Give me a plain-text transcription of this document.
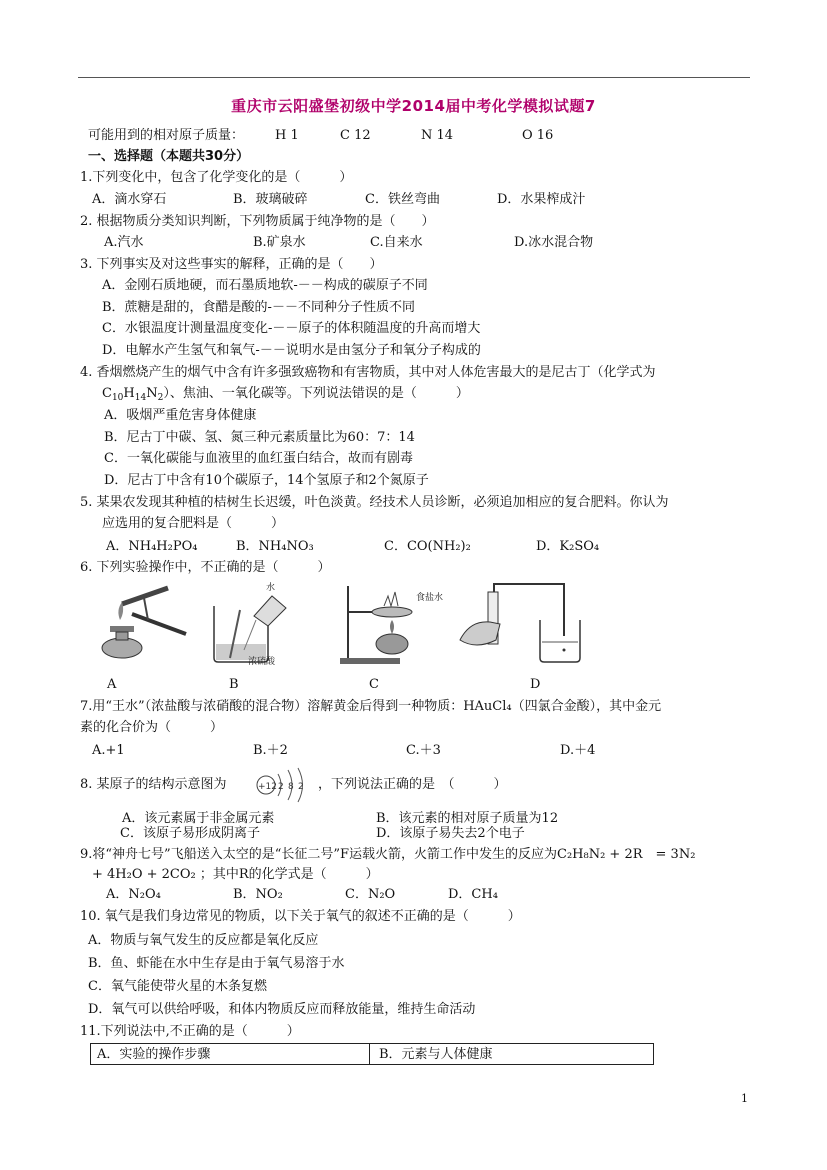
重庆市云阳盛堡初级中学2014届中考化学模拟试题7
可能用到的相对原子质量： H 1	C 12	N 14	O 16
一、选择题（本题共30分）
1.下列变化中，包含了化学变化的是（　　　）
A．滴水穿石	B．玻璃破碎	C．铁丝弯曲	D．水果榨成汁
2. 根据物质分类知识判断，下列物质属于纯净物的是（　　）
A.汽水	B.矿泉水	C.自来水	D.冰水混合物
3. 下列事实及对这些事实的解释，正确的是（　　）
A．金刚石质地硬，而石墨质地软-－－构成的碳原子不同
B．蔗糖是甜的，食醋是酸的-－－不同种分子性质不同
C．水银温度计测量温度变化-－－原子的体积随温度的升高而增大
D．电解水产生氢气和氧气-－－说明水是由氢分子和氧分子构成的
4. 香烟燃烧产生的烟气中含有许多强致癌物和有害物质，其中对人体危害最大的是尼古丁（化学式为
$C_{10}H_{14}N_2$）、焦油、一氧化碳等。下列说法错误的是（　　　）
A．吸烟严重危害身体健康
B．尼古丁中碳、氢、氮三种元素质量比为60：7：14
C．一氧化碳能与血液里的血红蛋白结合，故而有剧毒
D．尼古丁中含有10个碳原子，14个氢原子和2个氮原子
5. 某果农发现其种植的桔树生长迟缓，叶色淡黄。经技术人员诊断，必须追加相应的复合肥料。你认为
应选用的复合肥料是（　　　）
A．NH₄H₂PO₄	B．NH₄NO₃	C．CO(NH₂)₂	D．K₂SO₄
6. 下列实验操作中，不正确的是（　　　）
水
浓硫酸
食盐水
A	B	C	D
7.用“王水”（浓盐酸与浓硝酸的混合物）溶解黄金后得到一种物质：HAuCl₄（四氯合金酸），其中金元
素的化合价为（　　　）
A.+1	B.＋2	C.＋3	D.＋4
8. 某原子的结构示意图为	+12 2 8 2 ，下列说法正确的是　（　　　）
A．该元素属于非金属元素	B．该元素的相对原子质量为12
C．该原子易形成阴离子	D．该原子易失去2个电子
9.将“神舟七号”飞船送入太空的是“长征二号”F运载火箭，火箭工作中发生的反应为C₂H₈N₂ + 2R　= 3N₂
+ 4H₂O + 2CO₂ ；其中R的化学式是（　　　）
A．N₂O₄	B．NO₂	C．N₂O	D．CH₄
10. 氧气是我们身边常见的物质，以下关于氧气的叙述不正确的是（　　　）
A．物质与氧气发生的反应都是氧化反应
B．鱼、虾能在水中生存是由于氧气易溶于水
C．氧气能使带火星的木条复燃
D．氧气可以供给呼吸，和体内物质反应而释放能量，维持生命活动
11.下列说法中,不正确的是（　　　）
A．实验的操作步骤	B．元素与人体健康
1
